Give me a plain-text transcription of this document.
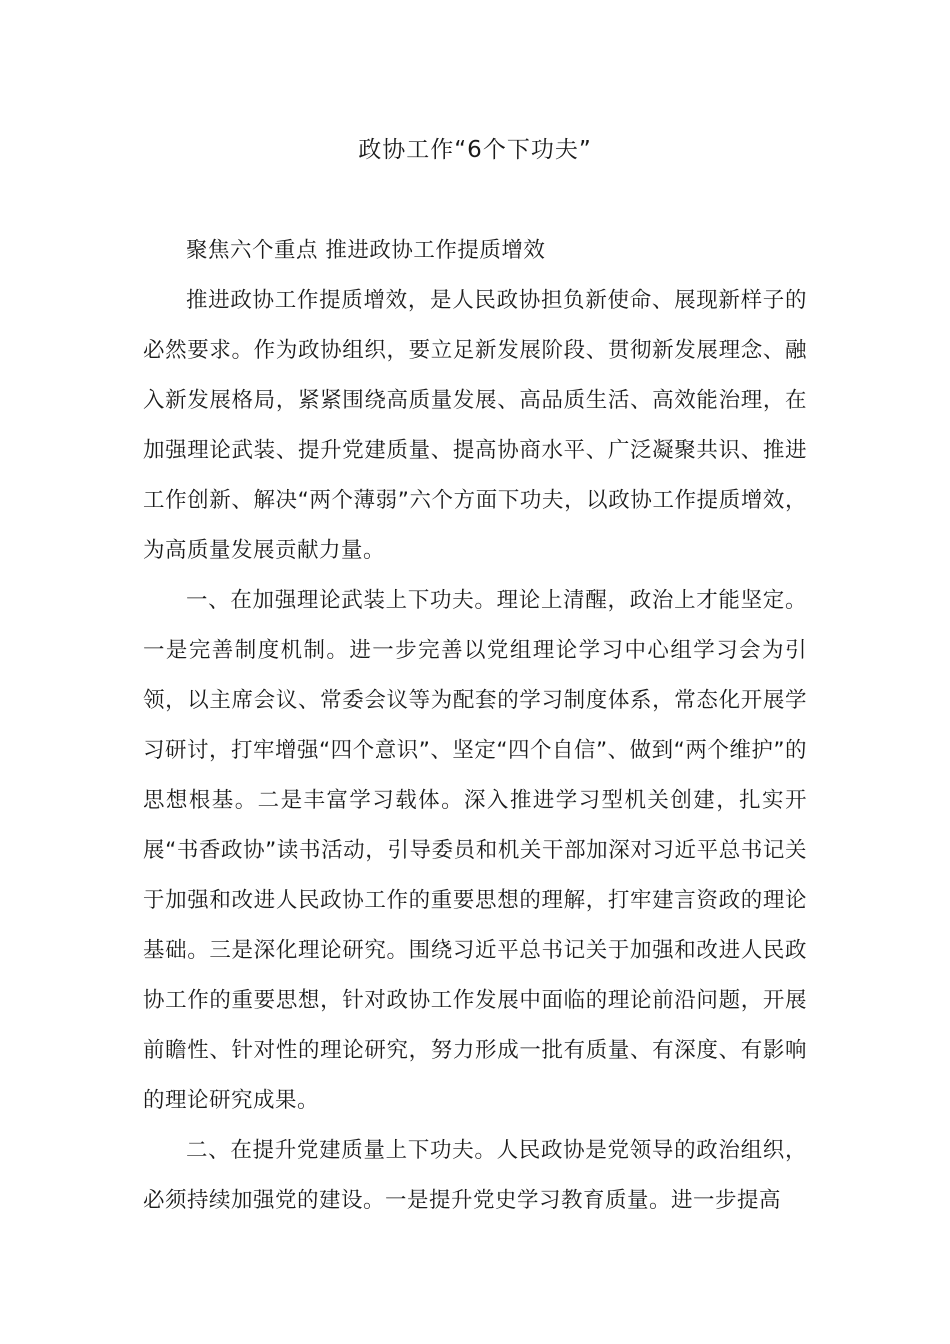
政协工作“6个下功夫”

聚焦六个重点 推进政协工作提质增效

推进政协工作提质增效，是人民政协担负新使命、展现新样子的必然要求。作为政协组织，要立足新发展阶段、贯彻新发展理念、融入新发展格局，紧紧围绕高质量发展、高品质生活、高效能治理，在加强理论武装、提升党建质量、提高协商水平、广泛凝聚共识、推进工作创新、解决“两个薄弱”六个方面下功夫，以政协工作提质增效，为高质量发展贡献力量。

一、在加强理论武装上下功夫。理论上清醒，政治上才能坚定。一是完善制度机制。进一步完善以党组理论学习中心组学习会为引领，以主席会议、常委会议等为配套的学习制度体系，常态化开展学习研讨，打牢增强“四个意识”、坚定“四个自信”、做到“两个维护”的思想根基。二是丰富学习载体。深入推进学习型机关创建，扎实开展“书香政协”读书活动，引导委员和机关干部加深对习近平总书记关于加强和改进人民政协工作的重要思想的理解，打牢建言资政的理论基础。三是深化理论研究。围绕习近平总书记关于加强和改进人民政协工作的重要思想，针对政协工作发展中面临的理论前沿问题，开展前瞻性、针对性的理论研究，努力形成一批有质量、有深度、有影响的理论研究成果。

二、在提升党建质量上下功夫。人民政协是党领导的政治组织，必须持续加强党的建设。一是提升党史学习教育质量。进一步提高
